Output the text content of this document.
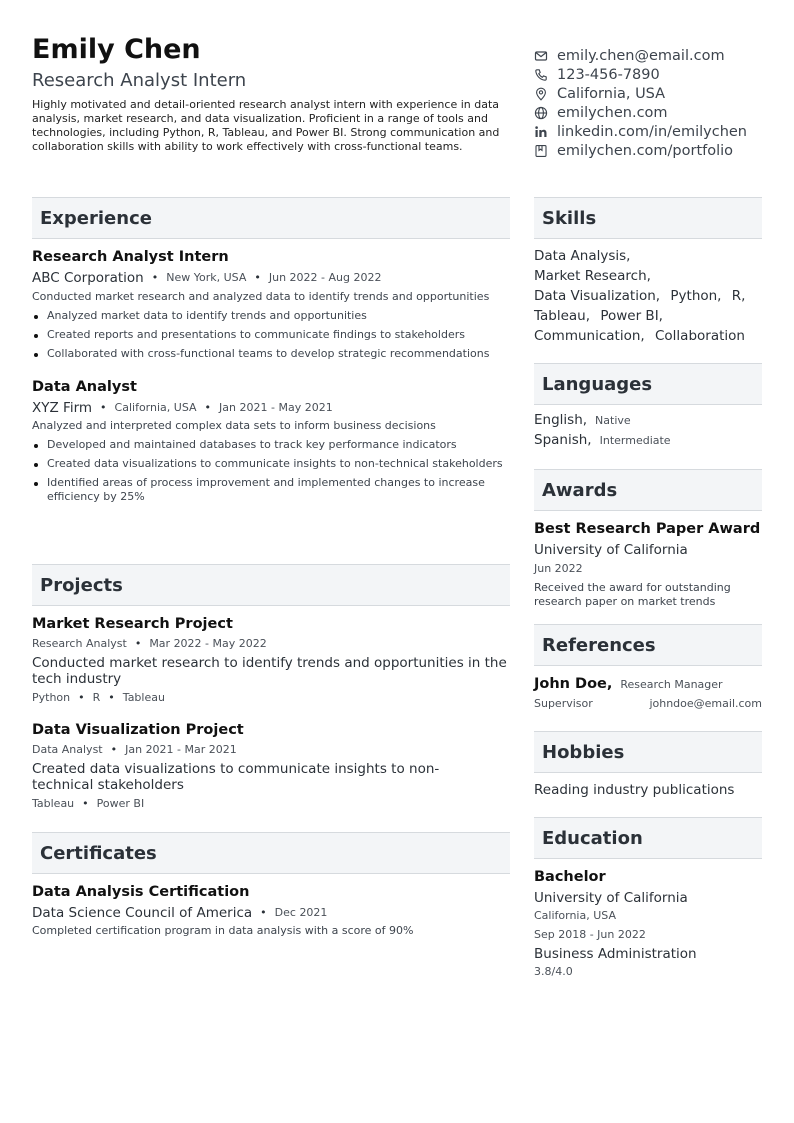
Emily Chen
Research Analyst Intern
Highly motivated and detail-oriented research analyst intern with experience in data analysis, market research, and data visualization. Proficient in a range of tools and technologies, including Python, R, Tableau, and Power BI. Strong communication and collaboration skills with ability to work effectively with cross-functional teams.
emily.chen@email.com
123-456-7890
California, USA
emilychen.com
linkedin.com/in/emilychen
emilychen.com/portfolio
Experience
Research Analyst Intern
ABC Corporation • New York, USA • Jun 2022 - Aug 2022
Conducted market research and analyzed data to identify trends and opportunities
Analyzed market data to identify trends and opportunities
Created reports and presentations to communicate findings to stakeholders
Collaborated with cross-functional teams to develop strategic recommendations
Data Analyst
XYZ Firm • California, USA • Jan 2021 - May 2021
Analyzed and interpreted complex data sets to inform business decisions
Developed and maintained databases to track key performance indicators
Created data visualizations to communicate insights to non-technical stakeholders
Identified areas of process improvement and implemented changes to increase efficiency by 25%
Projects
Market Research Project
Research Analyst • Mar 2022 - May 2022
Conducted market research to identify trends and opportunities in the tech industry
Python • R • Tableau
Data Visualization Project
Data Analyst • Jan 2021 - Mar 2021
Created data visualizations to communicate insights to non-technical stakeholders
Tableau • Power BI
Certificates
Data Analysis Certification
Data Science Council of America • Dec 2021
Completed certification program in data analysis with a score of 90%
Skills
Data Analysis,
Market Research,
Data Visualization, Python, R,
Tableau, Power BI,
Communication, Collaboration
Languages
English, Native
Spanish, Intermediate
Awards
Best Research Paper Award
University of California
Jun 2022
Received the award for outstanding research paper on market trends
References
John Doe, Research Manager
Supervisor	johndoe@email.com
Hobbies
Reading industry publications
Education
Bachelor
University of California
California, USA
Sep 2018 - Jun 2022
Business Administration
3.8/4.0
